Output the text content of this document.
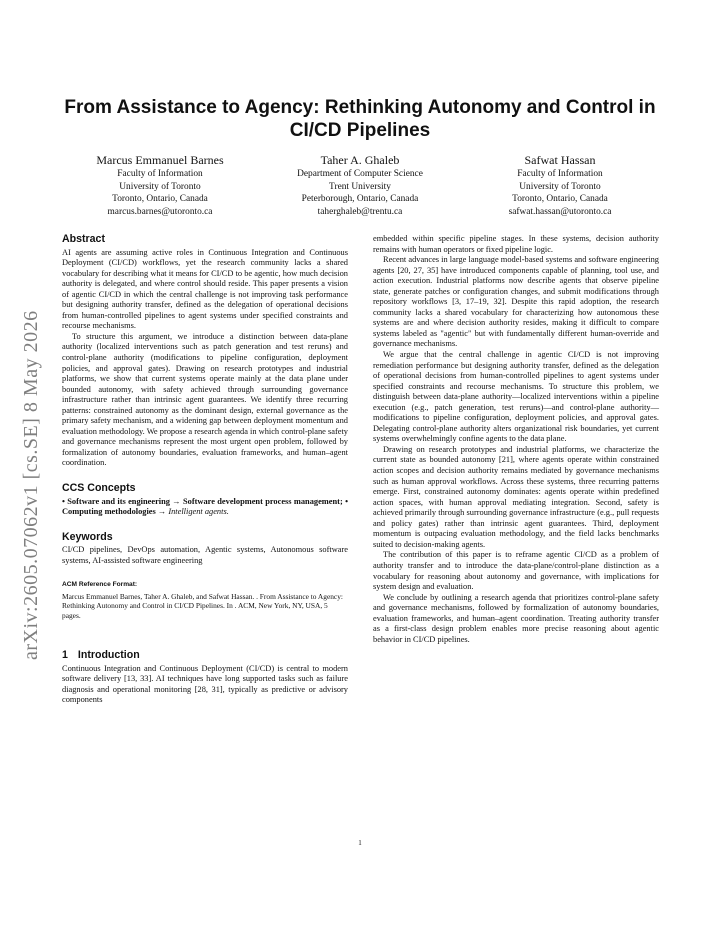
arXiv:2605.07062v1 [cs.SE] 8 May 2026
From Assistance to Agency: Rethinking Autonomy and Control in CI/CD Pipelines
Marcus Emmanuel Barnes
Faculty of Information
University of Toronto
Toronto, Ontario, Canada
marcus.barnes@utoronto.ca
Taher A. Ghaleb
Department of Computer Science
Trent University
Peterborough, Ontario, Canada
taherghaleb@trentu.ca
Safwat Hassan
Faculty of Information
University of Toronto
Toronto, Ontario, Canada
safwat.hassan@utoronto.ca
Abstract

AI agents are assuming active roles in Continuous Integration and Continuous Deployment (CI/CD) workflows, yet the research community lacks a shared vocabulary for describing what it means for CI/CD to be agentic, how much decision authority is delegated, and where control should reside. This paper presents a vision of agentic CI/CD in which the central challenge is not improving task performance but designing authority transfer, defined as the delegation of operational decisions from human-controlled pipelines to agent systems under specified constraints and recourse mechanisms.

To structure this argument, we introduce a distinction between data-plane authority (localized interventions such as patch generation and test reruns) and control-plane authority (modifications to pipeline configuration, deployment policies, and approval gates). Drawing on research prototypes and industrial platforms, we show that current systems operate mainly at the data plane under bounded autonomy, with safety achieved through surrounding governance infrastructure rather than intrinsic agent guarantees. We identify three recurring patterns: constrained autonomy as the dominant design, external governance as the primary safety mechanism, and a widening gap between deployment momentum and evaluation methodology. We propose a research agenda in which control-plane safety and governance mechanisms represent the most urgent open problem, followed by formalization of autonomy boundaries, evaluation frameworks, and human–agent coordination.

CCS Concepts

• Software and its engineering → Software development process management; • Computing methodologies → Intelligent agents.

Keywords

CI/CD pipelines, DevOps automation, Agentic systems, Autonomous software systems, AI-assisted software engineering

ACM Reference Format:
Marcus Emmanuel Barnes, Taher A. Ghaleb, and Safwat Hassan. . From Assistance to Agency: Rethinking Autonomy and Control in CI/CD Pipelines. In . ACM, New York, NY, USA, 5 pages.
1 Introduction

Continuous Integration and Continuous Deployment (CI/CD) is central to modern software delivery [13, 33]. AI techniques have long supported tasks such as failure diagnosis and operational monitoring [28, 31], typically as predictive or advisory components

embedded within specific pipeline stages. In these systems, decision authority remains with human operators or fixed pipeline logic.

Recent advances in large language model-based systems and software engineering agents [20, 27, 35] have introduced components capable of planning, tool use, and action execution. Industrial platforms now describe agents that observe pipeline state, generate patches or configuration changes, and submit modifications through repository workflows [3, 17–19, 32]. Despite this rapid adoption, the research community lacks a shared vocabulary for characterizing how autonomous these systems are and where decision authority resides, making it difficult to compare systems labeled as "agentic" but with fundamentally different human-override and governance mechanisms.

We argue that the central challenge in agentic CI/CD is not improving remediation performance but designing authority transfer, defined as the delegation of operational decisions from human-controlled pipelines to agent systems under specified constraints and recourse mechanisms. To structure this problem, we distinguish between data-plane authority—localized interventions within a pipeline execution (e.g., patch generation, test reruns)—and control-plane authority—modifications to pipeline configuration, deployment policies, and approval gates. Delegating control-plane authority alters organizational risk boundaries, yet current systems overwhelmingly confine agents to the data plane.

Drawing on research prototypes and industrial platforms, we characterize the current state as bounded autonomy [21], where agents operate within constrained action scopes and decision authority remains mediated by governance mechanisms such as human approval workflows. Across these systems, three recurring patterns emerge. First, constrained autonomy dominates: agents operate within predefined action spaces, with human approval mediating integration. Second, safety is achieved primarily through surrounding governance infrastructure (e.g., pull requests and policy gates) rather than intrinsic agent guarantees. Third, deployment momentum is outpacing evaluation methodology, and the field lacks benchmarks suited to decision-making agents.

The contribution of this paper is to reframe agentic CI/CD as a problem of authority transfer and to introduce the data-plane/control-plane distinction as a vocabulary for reasoning about autonomy and governance, with implications for system design and evaluation.

We conclude by outlining a research agenda that prioritizes control-plane safety and governance mechanisms, followed by formalization of autonomy boundaries, evaluation frameworks, and human–agent coordination. Treating authority transfer as a first-class design problem enables more precise reasoning about agentic behavior in CI/CD pipelines.

1
